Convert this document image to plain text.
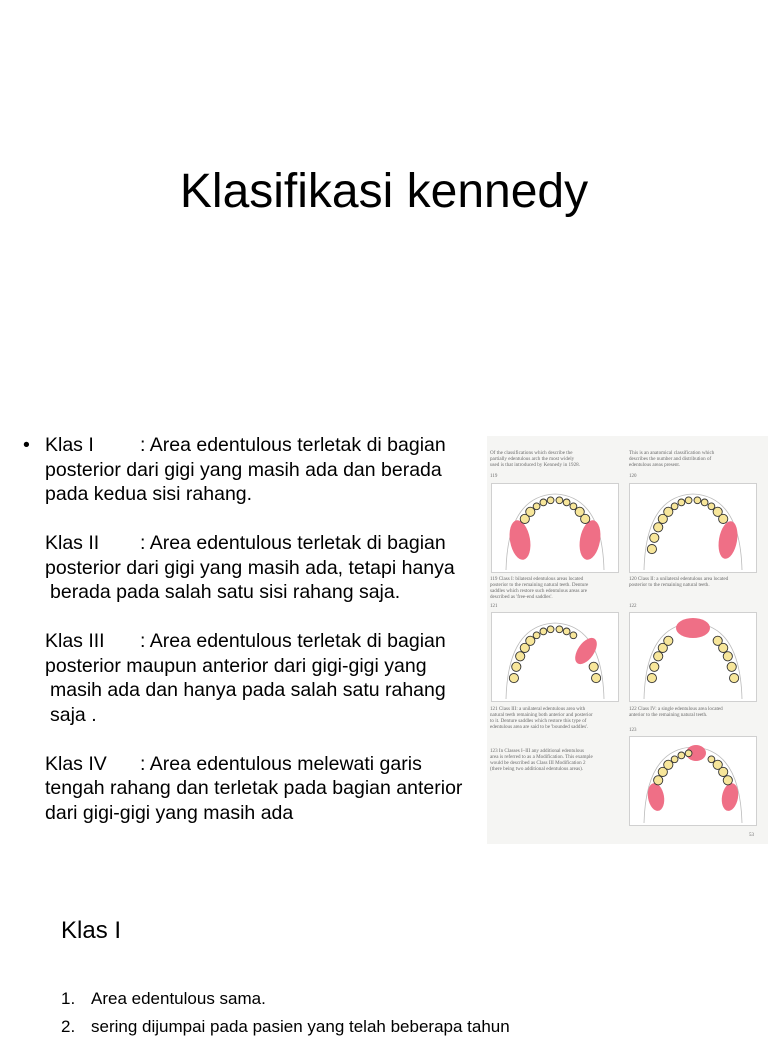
Klasifikasi kennedy
• Klas I : Area edentulous terletak di bagian
posterior dari gigi yang masih ada dan berada
pada kedua sisi rahang.
Klas II : Area edentulous terletak di bagian
posterior dari gigi yang masih ada, tetapi hanya
berada pada salah satu sisi rahang saja.
Klas III : Area edentulous terletak di bagian
posterior maupun anterior dari gigi-gigi yang
masih ada dan hanya pada salah satu rahang
saja .
Klas IV : Area edentulous melewati garis
tengah rahang dan terletak pada bagian anterior
dari gigi-gigi yang masih ada
Of the classifications which describe the
partially edentulous arch the most widely
used is that introduced by Kennedy in 1928.
This is an anatomical classification which
describes the number and distribution of
edentulous areas present.
119	120
119 Class I: bilateral edentulous areas located
posterior to the remaining natural teeth. Denture
saddles which restore such edentulous areas are
described as 'free-end saddles'.
120 Class II: a unilateral edentulous area located
posterior to the remaining natural teeth.
121	122
121 Class III: a unilateral edentulous area with
natural teeth remaining both anterior and posterior
to it. Denture saddles which restore this type of
edentulous area are said to be 'bounded saddles'.
122 Class IV: a single edentulous area located
anterior to the remaining natural teeth.
123
123 In Classes I–III any additional edentulous
area is referred to as a Modification. This example
would be described as Class III Modification 2
(there being two additional edentulous areas).
53
Klas I
1. Area edentulous sama.
2. sering dijumpai pada pasien yang telah beberapa tahun
